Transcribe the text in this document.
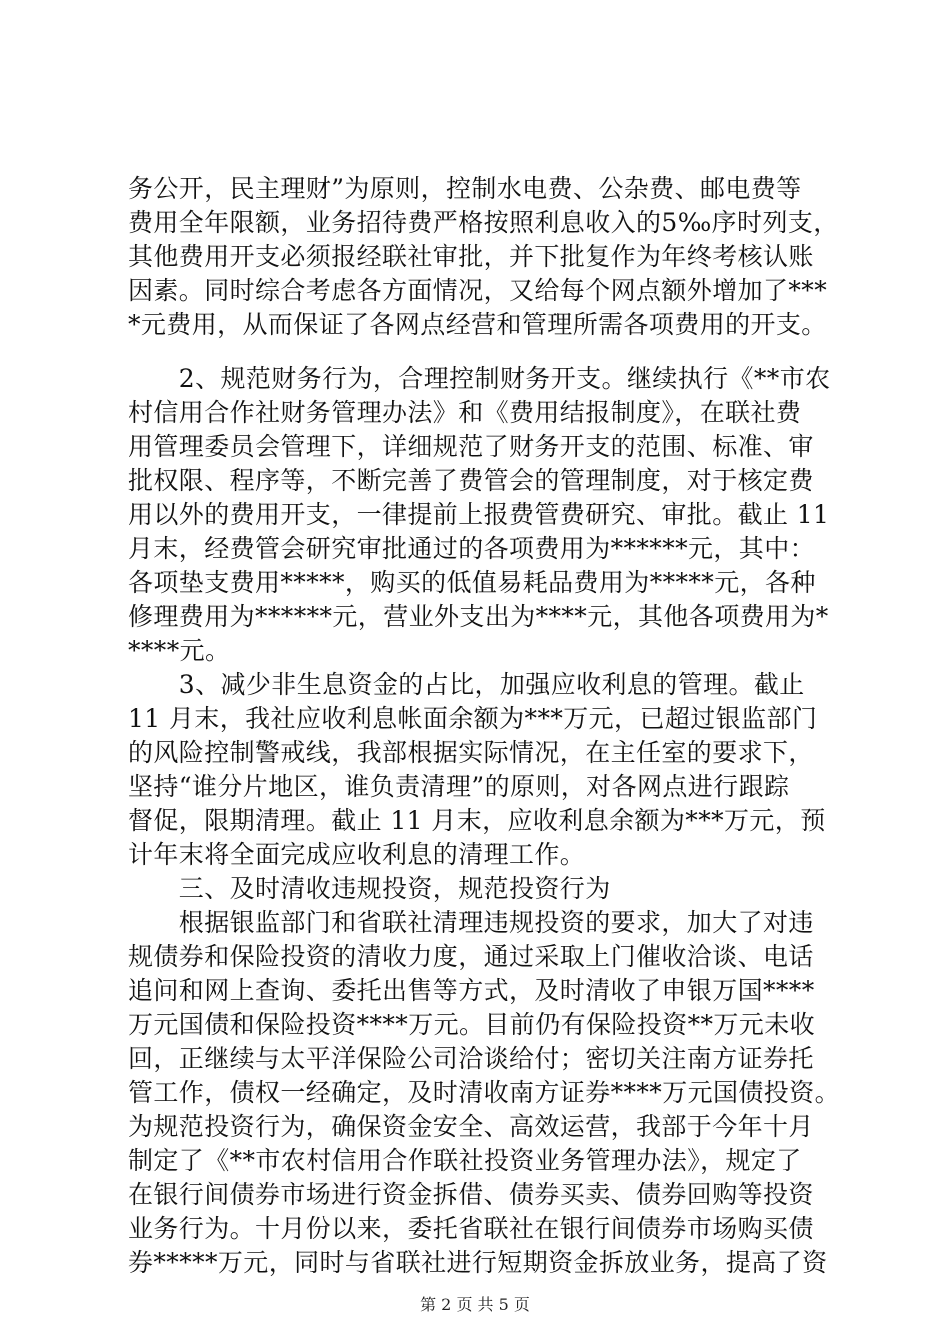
务公开，民主理财”为原则，控制水电费、公杂费、邮电费等
费用全年限额，业务招待费严格按照利息收入的5‰序时列支，
其他费用开支必须报经联社审批，并下批复作为年终考核认账
因素。同时综合考虑各方面情况，又给每个网点额外增加了***
*元费用，从而保证了各网点经营和管理所需各项费用的开支。
　　2、规范财务行为，合理控制财务开支。继续执行《**市农
村信用合作社财务管理办法》和《费用结报制度》，在联社费
用管理委员会管理下，详细规范了财务开支的范围、标准、审
批权限、程序等，不断完善了费管会的管理制度，对于核定费
用以外的费用开支，一律提前上报费管费研究、审批。截止 11
月末，经费管会研究审批通过的各项费用为******元，其中：
各项垫支费用*****，购买的低值易耗品费用为*****元，各种
修理费用为******元，营业外支出为****元，其他各项费用为*
****元。
　　3、减少非生息资金的占比，加强应收利息的管理。截止
11 月末，我社应收利息帐面余额为***万元，已超过银监部门
的风险控制警戒线，我部根据实际情况，在主任室的要求下，
坚持“谁分片地区，谁负责清理”的原则，对各网点进行跟踪
督促，限期清理。截止 11 月末，应收利息余额为***万元，预
计年末将全面完成应收利息的清理工作。
　　三、及时清收违规投资，规范投资行为
　　根据银监部门和省联社清理违规投资的要求，加大了对违
规债券和保险投资的清收力度，通过采取上门催收洽谈、电话
追问和网上查询、委托出售等方式，及时清收了申银万国****
万元国债和保险投资****万元。目前仍有保险投资**万元未收
回，正继续与太平洋保险公司洽谈给付；密切关注南方证券托
管工作，债权一经确定，及时清收南方证券****万元国债投资。
为规范投资行为，确保资金安全、高效运营，我部于今年十月
制定了《**市农村信用合作联社投资业务管理办法》，规定了
在银行间债券市场进行资金拆借、债券买卖、债券回购等投资
业务行为。十月份以来，委托省联社在银行间债券市场购买债
券*****万元，同时与省联社进行短期资金拆放业务，提高了资
第 2 页 共 5 页
